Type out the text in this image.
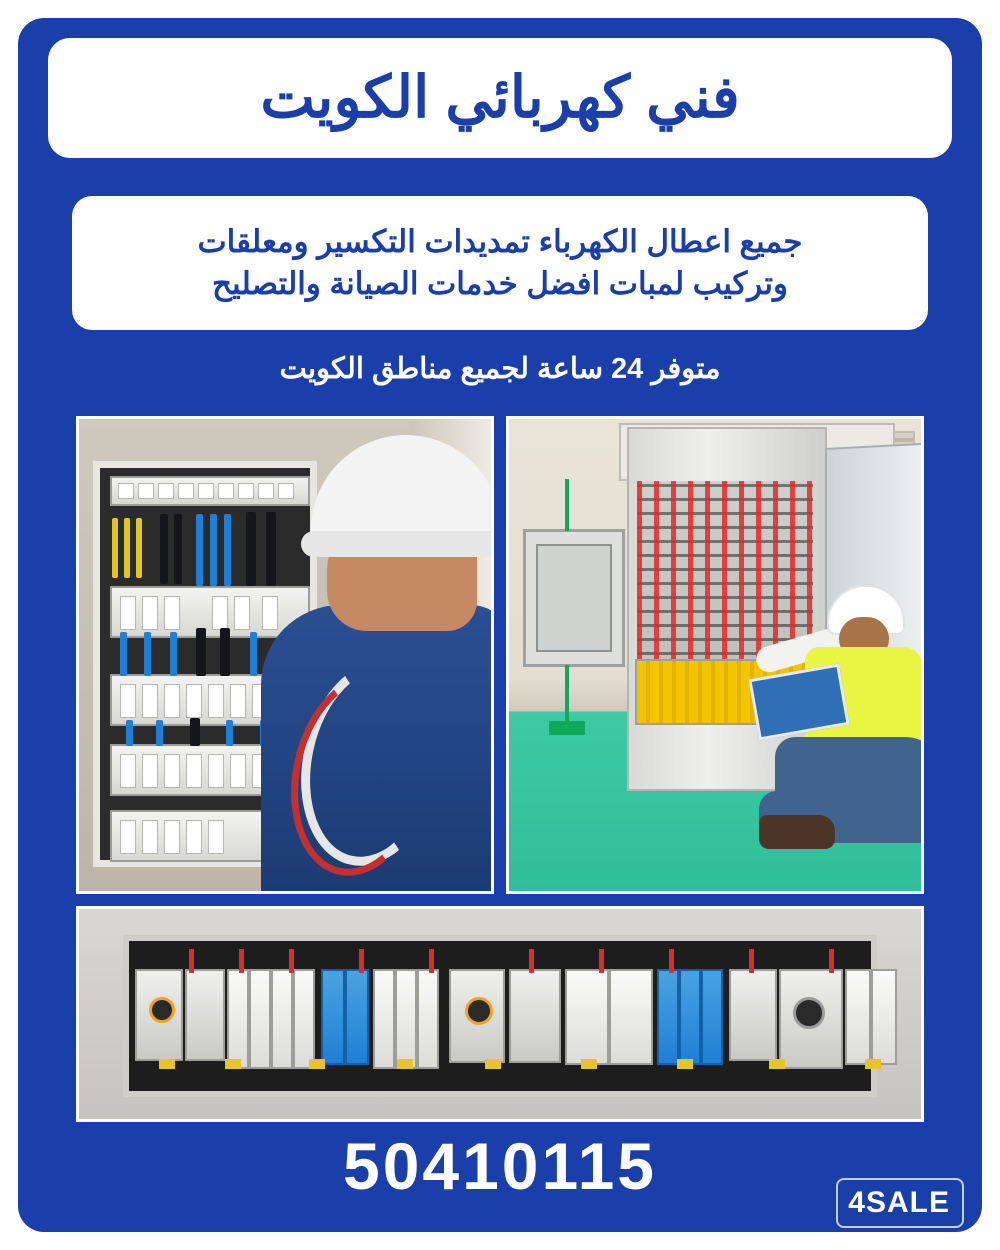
فني كهربائي الكويت
جميع اعطال الكهرباء تمديدات التكسير ومعلقات
وتركيب لمبات افضل خدمات الصيانة والتصليح
متوفر 24 ساعة لجميع مناطق الكويت
50410115	4SALE
